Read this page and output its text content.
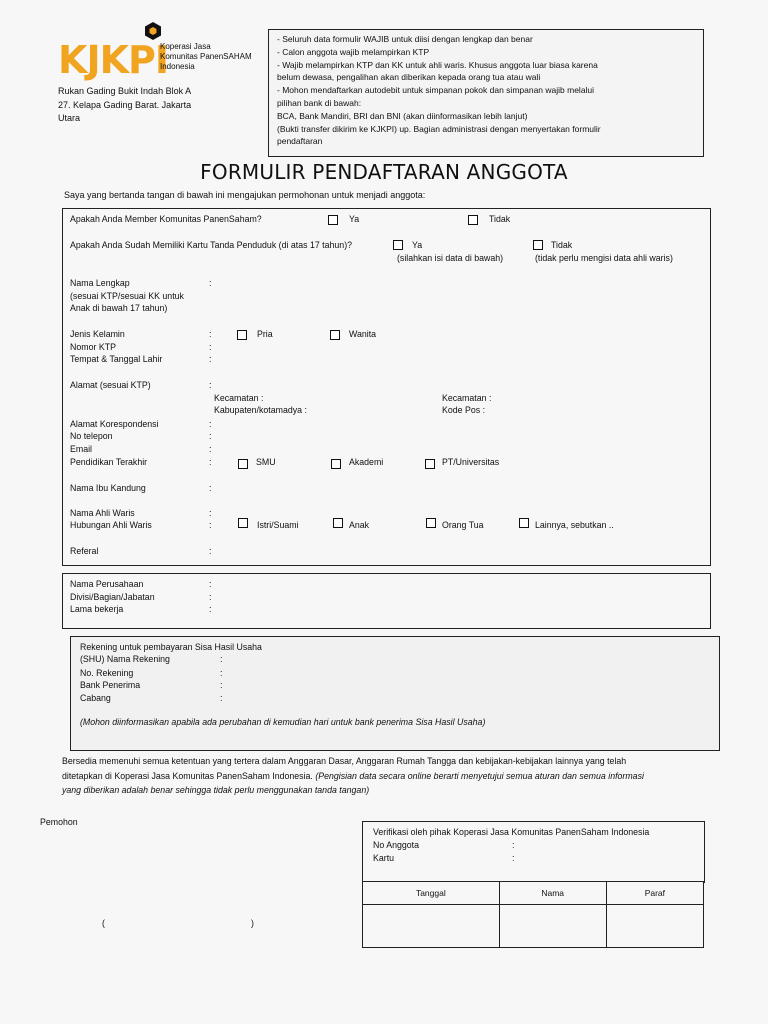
KJKPI
Koperasi Jasa
Komunitas PanenSAHAM
Indonesia
Rukan Gading Bukit Indah Blok A
27. Kelapa Gading Barat. Jakarta
Utara
- Seluruh data formulir WAJIB untuk diisi dengan lengkap dan benar
- Calon anggota wajib melampirkan KTP
- Wajib melampirkan KTP dan KK untuk ahli waris. Khusus anggota luar biasa karena
belum dewasa, pengalihan akan diberikan kepada orang tua atau wali
- Mohon mendaftarkan autodebit untuk simpanan pokok dan simpanan wajib melalui
pilihan bank di bawah:
BCA, Bank Mandiri, BRI dan BNI (akan diinformasikan lebih lanjut)
(Bukti transfer dikirim ke KJKPI) up. Bagian administrasi dengan menyertakan formulir
pendaftaran
FORMULIR PENDAFTARAN ANGGOTA
Saya yang bertanda tangan di bawah ini mengajukan permohonan untuk menjadi anggota:
Apakah Anda Member Komunitas PanenSaham?	Ya	Tidak
Apakah Anda Sudah Memiliki Kartu Tanda Penduduk (di atas 17 tahun)?	Ya
(silahkan isi data di bawah)
Tidak
(tidak perlu mengisi data ahli waris)
Nama Lengkap	:
(sesuai KTP/sesuai KK untuk
Anak di bawah 17 tahun)
Jenis Kelamin	:	Pria	Wanita
Nomor KTP	:
Tempat & Tanggal Lahir	:
Alamat (sesuai KTP)	:
Kecamatan :
Kabupaten/kotamadya :
Kecamatan :
Kode Pos :
Alamat Korespondensi	:
No telepon	:
Email	:
Pendidikan Terakhir	:	SMU	Akademi	PT/Universitas
Nama Ibu Kandung	:
Nama Ahli Waris	:
Hubungan Ahli Waris	:	Istri/Suami	Anak	Orang Tua	Lainnya, sebutkan ..
Referal	:
Nama Perusahaan	:
Divisi/Bagian/Jabatan	:
Lama bekerja	:
Rekening untuk pembayaran Sisa Hasil Usaha
(SHU) Nama Rekening	:
No. Rekening	:
Bank Penerima	:
Cabang	:
(Mohon diinformasikan apabila ada perubahan di kemudian hari untuk bank penerima Sisa Hasil Usaha)
Bersedia memenuhi semua ketentuan yang tertera dalam Anggaran Dasar, Anggaran Rumah Tangga dan kebijakan-kebijakan lainnya yang telah
ditetapkan di Koperasi Jasa Komunitas PanenSaham Indonesia. (Pengisian data secara online berarti menyetujui semua aturan dan semua informasi
yang diberikan adalah benar sehingga tidak perlu menggunakan tanda tangan)
Pemohon
(	)
Verifikasi oleh pihak Koperasi Jasa Komunitas PanenSaham Indonesia
No Anggota	:
Kartu	:
Tanggal	Nama	Paraf
